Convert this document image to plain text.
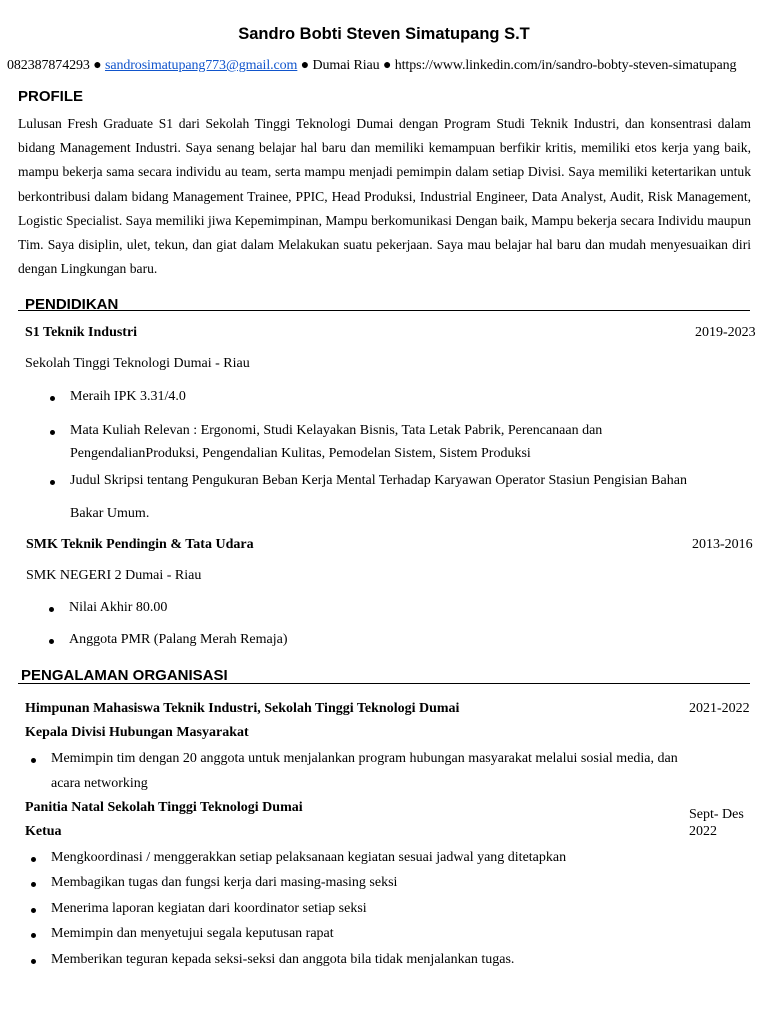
Sandro Bobti Steven Simatupang S.T
082387874293 ● sandrosimatupang773@gmail.com ● Dumai Riau ● https://www.linkedin.com/in/sandro-bobty-steven-simatupang
PROFILE
Lulusan Fresh Graduate S1 dari Sekolah Tinggi Teknologi Dumai dengan Program Studi Teknik Industri, dan konsentrasi dalam bidang Management Industri. Saya senang belajar hal baru dan memiliki kemampuan berfikir kritis, memiliki etos kerja yang baik, mampu bekerja sama secara individu au team, serta mampu menjadi pemimpin dalam setiap Divisi. Saya memiliki ketertarikan untuk berkontribusi dalam bidang Management Trainee, PPIC, Head Produksi, Industrial Engineer, Data Analyst, Audit, Risk Management, Logistic Specialist. Saya memiliki jiwa Kepemimpinan, Mampu berkomunikasi Dengan baik, Mampu bekerja secara Individu maupun Tim. Saya disiplin, ulet, tekun, dan giat dalam Melakukan suatu pekerjaan. Saya mau belajar hal baru dan mudah menyesuaikan diri dengan Lingkungan baru.
PENDIDIKAN
S1 Teknik Industri	2019-2023
Sekolah Tinggi Teknologi Dumai - Riau
Meraih IPK 3.31/4.0
Mata Kuliah Relevan : Ergonomi, Studi Kelayakan Bisnis, Tata Letak Pabrik, Perencanaan dan
PengendalianProduksi, Pengendalian Kulitas, Pemodelan Sistem, Sistem Produksi
Judul Skripsi tentang Pengukuran Beban Kerja Mental Terhadap Karyawan Operator Stasiun Pengisian Bahan
Bakar Umum.
SMK Teknik Pendingin & Tata Udara	2013-2016
SMK NEGERI 2 Dumai - Riau
Nilai Akhir 80.00
Anggota PMR (Palang Merah Remaja)
PENGALAMAN ORGANISASI
Himpunan Mahasiswa Teknik Industri, Sekolah Tinggi Teknologi Dumai	2021-2022
Kepala Divisi Hubungan Masyarakat
Memimpin tim dengan 20 anggota untuk menjalankan program hubungan masyarakat melalui sosial media, dan
acara networking
Panitia Natal Sekolah Tinggi Teknologi Dumai	Sept- Des
2022
Ketua
Mengkoordinasi / menggerakkan setiap pelaksanaan kegiatan sesuai jadwal yang ditetapkan
Membagikan tugas dan fungsi kerja dari masing-masing seksi
Menerima laporan kegiatan dari koordinator setiap seksi
Memimpin dan menyetujui segala keputusan rapat
Memberikan teguran kepada seksi-seksi dan anggota bila tidak menjalankan tugas.
